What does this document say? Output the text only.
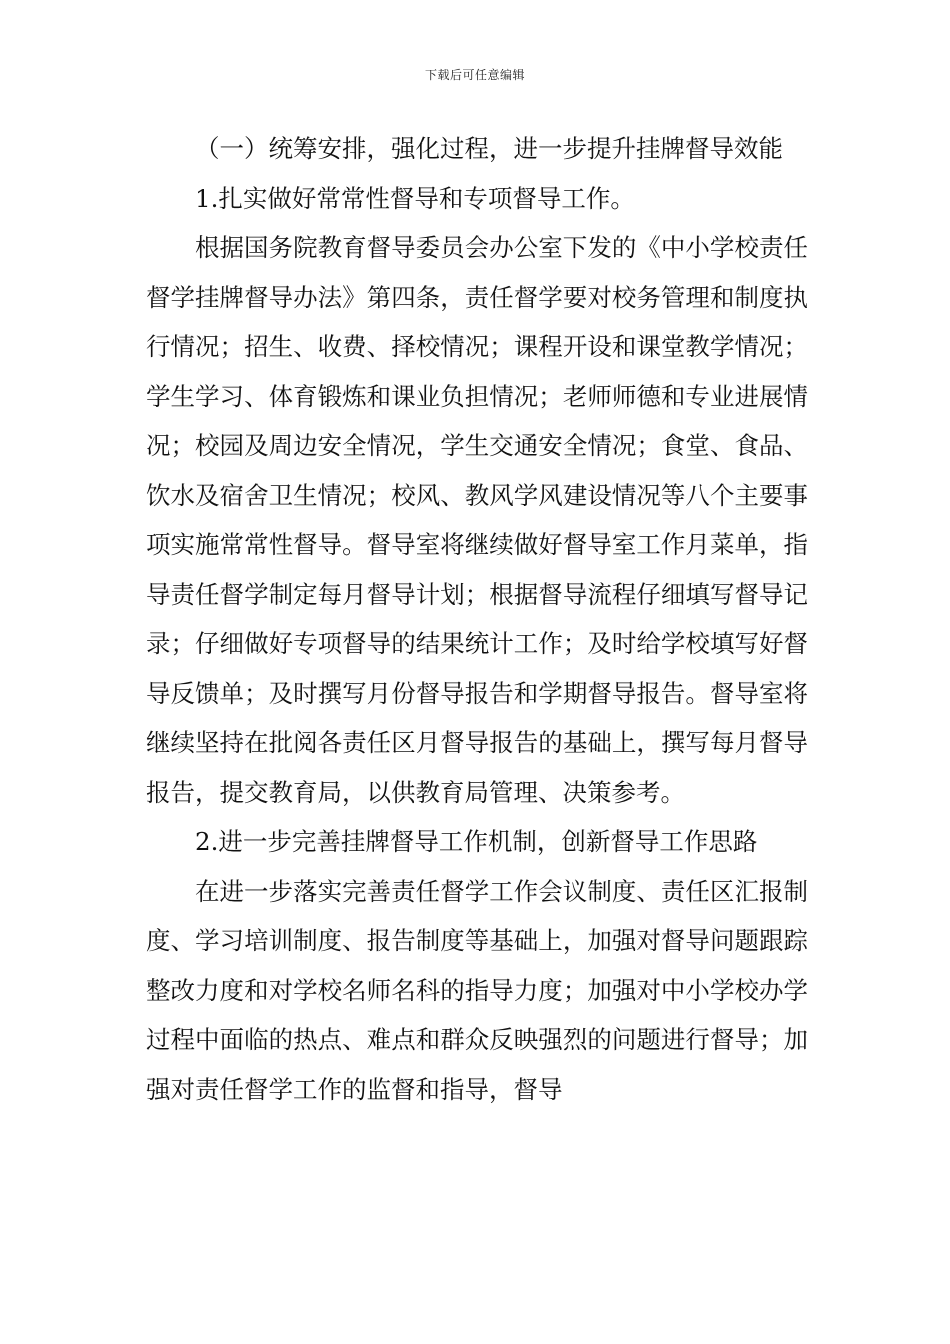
下载后可任意编辑

（一）统筹安排，强化过程，进一步提升挂牌督导效能

1.扎实做好常常性督导和专项督导工作。

根据国务院教育督导委员会办公室下发的《中小学校责任督学挂牌督导办法》第四条，责任督学要对校务管理和制度执行情况；招生、收费、择校情况；课程开设和课堂教学情况；学生学习、体育锻炼和课业负担情况；老师师德和专业进展情况；校园及周边安全情况，学生交通安全情况；食堂、食品、饮水及宿舍卫生情况；校风、教风学风建设情况等八个主要事项实施常常性督导。督导室将继续做好督导室工作月菜单，指导责任督学制定每月督导计划；根据督导流程仔细填写督导记录；仔细做好专项督导的结果统计工作；及时给学校填写好督导反馈单；及时撰写月份督导报告和学期督导报告。督导室将继续坚持在批阅各责任区月督导报告的基础上，撰写每月督导报告，提交教育局，以供教育局管理、决策参考。

2.进一步完善挂牌督导工作机制，创新督导工作思路

在进一步落实完善责任督学工作会议制度、责任区汇报制度、学习培训制度、报告制度等基础上，加强对督导问题跟踪整改力度和对学校名师名科的指导力度；加强对中小学校办学过程中面临的热点、难点和群众反映强烈的问题进行督导；加强对责任督学工作的监督和指导，督导
